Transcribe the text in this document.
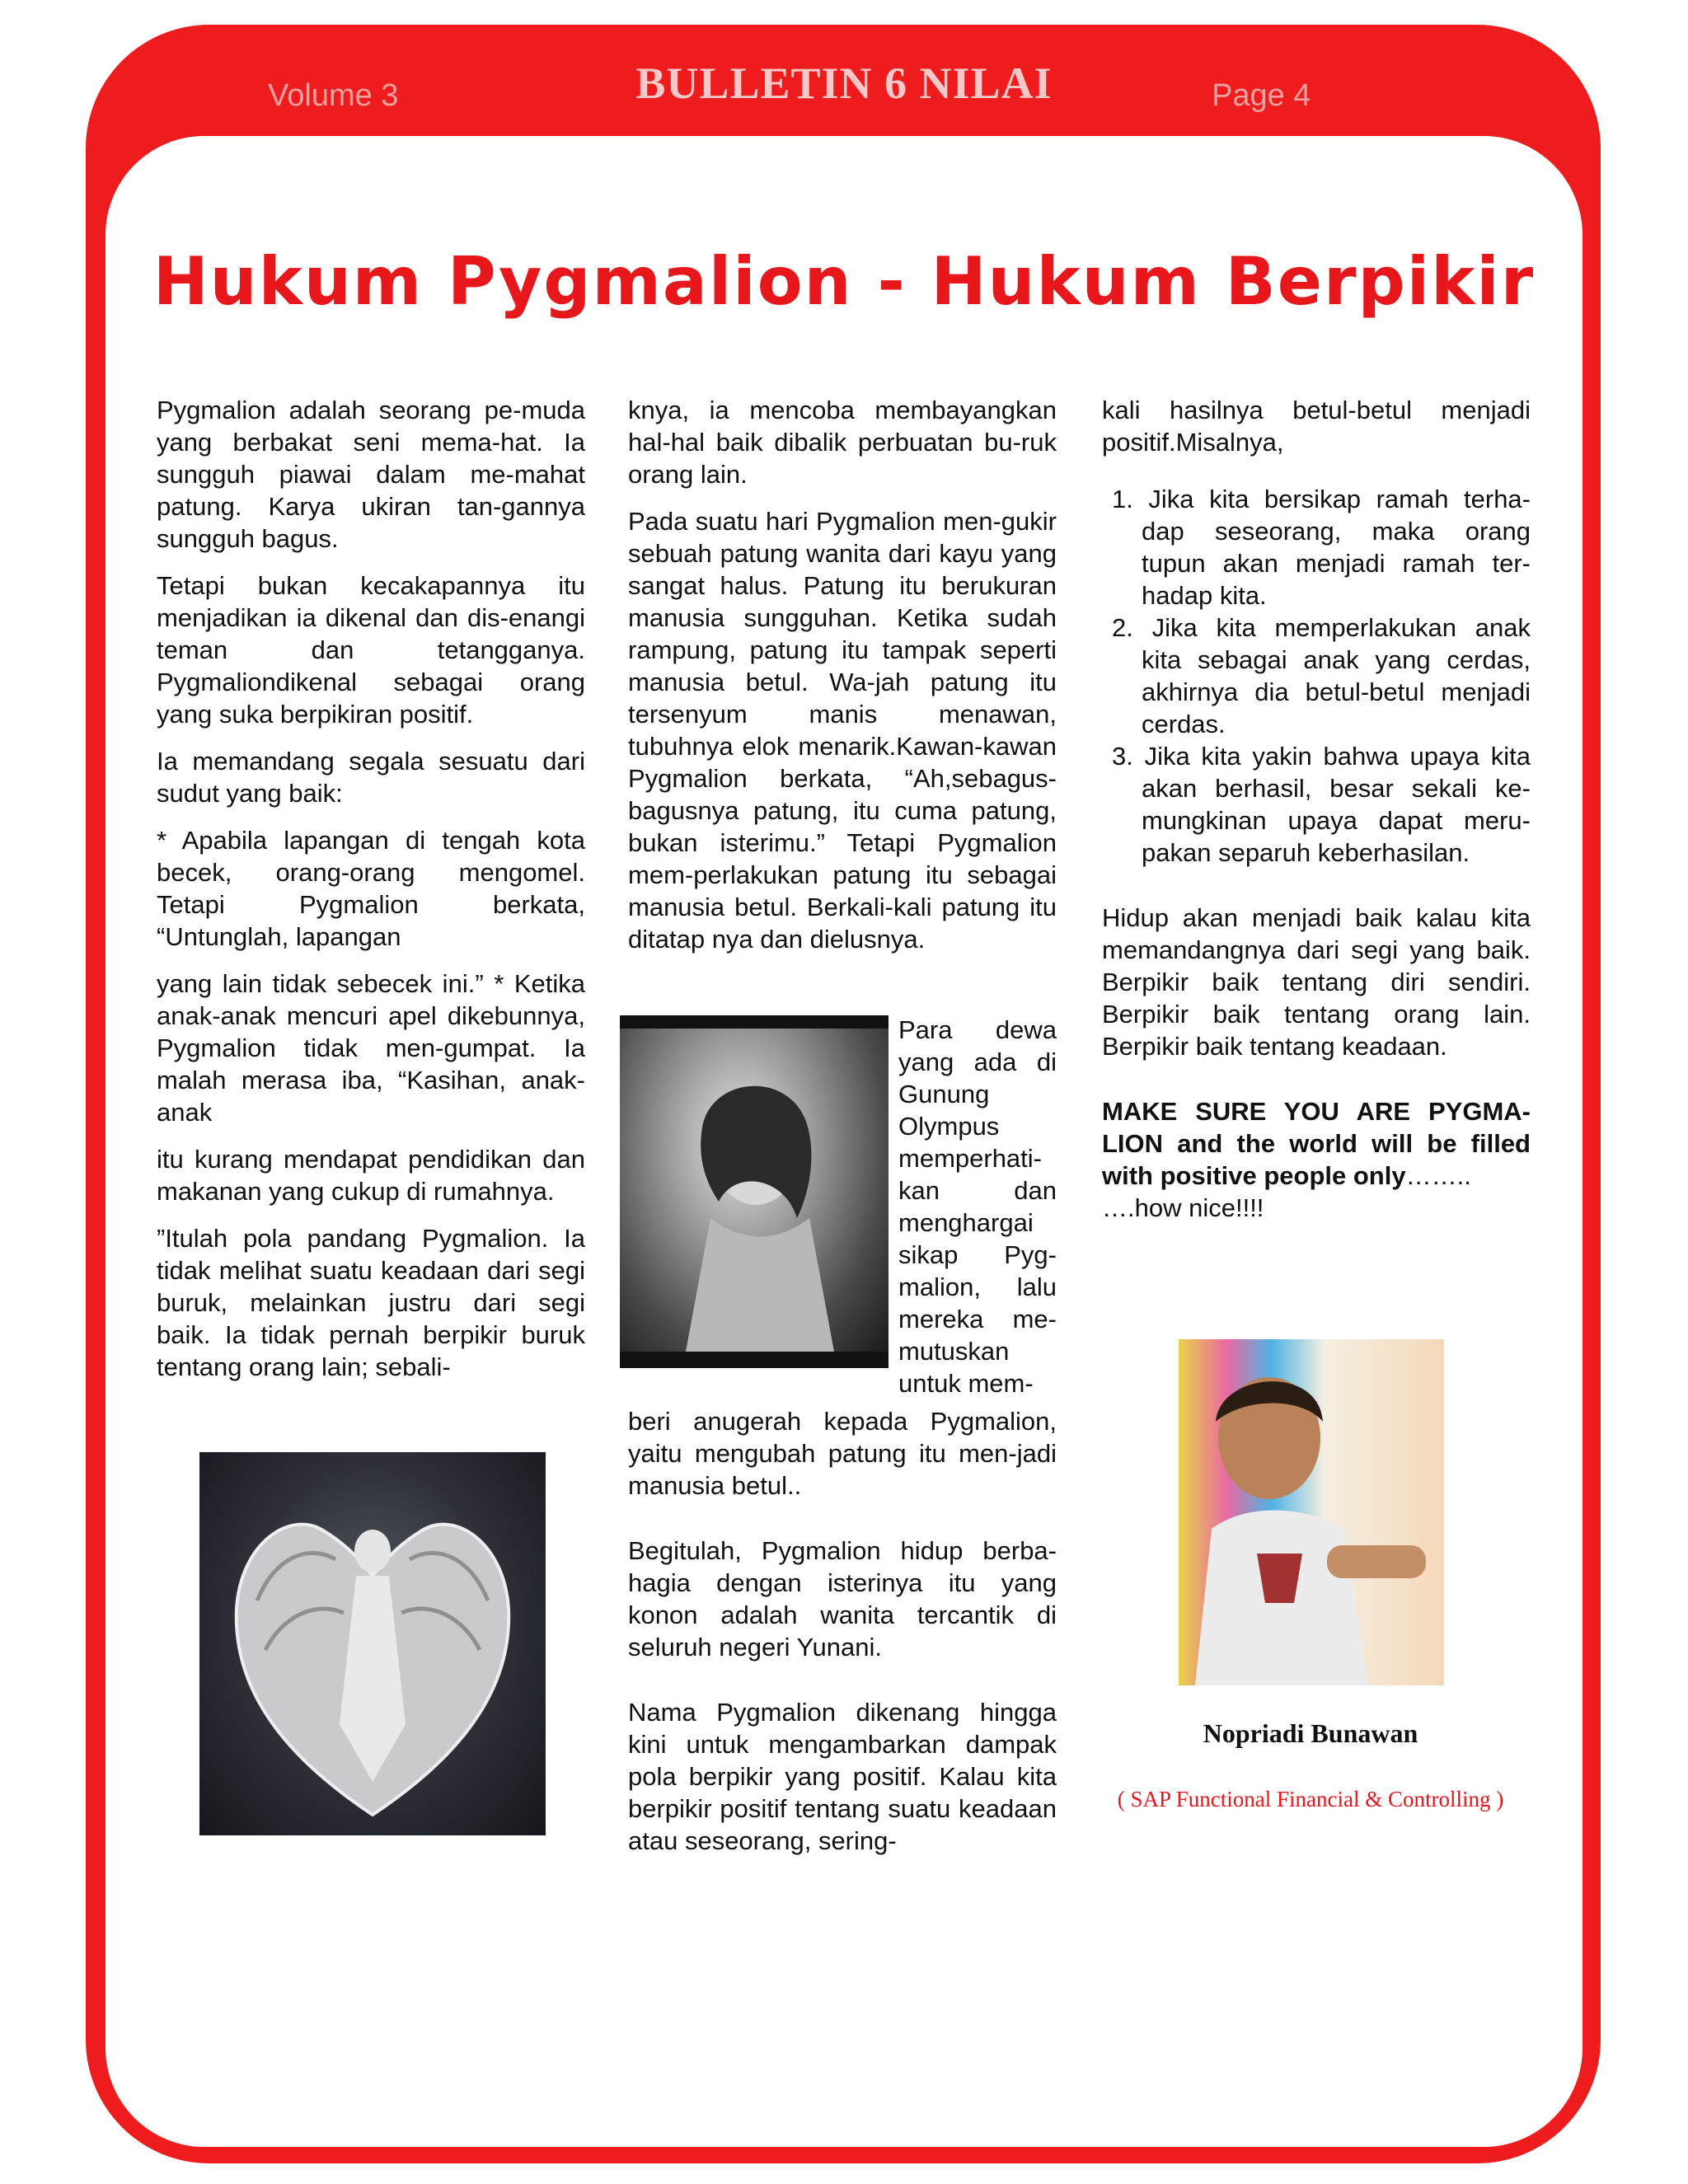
Volume 3	BULLETIN 6 NILAI	Page 4
Hukum Pygmalion - Hukum Berpikir

Pygmalion adalah seorang pe-muda yang berbakat seni mema-hat. Ia sungguh piawai dalam me-mahat patung. Karya ukiran tan-gannya sungguh bagus.

Tetapi bukan kecakapannya itu menjadikan ia dikenal dan dis-enangi teman dan tetangganya. Pygmaliondikenal sebagai orang yang suka berpikiran positif.

Ia memandang segala sesuatu dari sudut yang baik:

* Apabila lapangan di tengah kota becek, orang-orang mengomel. Tetapi Pygmalion berkata, “Untunglah, lapangan

yang lain tidak sebecek ini.” * Ketika anak-anak mencuri apel dikebunnya, Pygmalion tidak men-gumpat. Ia malah merasa iba, “Kasihan, anak-anak

itu kurang mendapat pendidikan dan makanan yang cukup di rumahnya.

”Itulah pola pandang Pygmalion. Ia tidak melihat suatu keadaan dari segi buruk, melainkan justru dari segi baik. Ia tidak pernah berpikir buruk tentang orang lain; sebali-

knya, ia mencoba membayangkan hal-hal baik dibalik perbuatan bu-ruk orang lain.

Pada suatu hari Pygmalion men-gukir sebuah patung wanita dari kayu yang sangat halus. Patung itu berukuran manusia sungguhan. Ketika sudah rampung, patung itu tampak seperti manusia betul. Wa-jah patung itu tersenyum manis menawan, tubuhnya elok menarik.Kawan-kawan Pygmalion berkata, “Ah,sebagus- bagusnya patung, itu cuma patung, bukan isterimu.” Tetapi Pygmalion mem-perlakukan patung itu sebagai manusia betul. Berkali-kali patung itu ditatap nya dan dielusnya.

Para dewa yang ada di Gunung Olympus memperhati-kan dan menghargai sikap Pyg-malion, lalu mereka me-mutuskan untuk mem-

beri anugerah kepada Pygmalion, yaitu mengubah patung itu men-jadi manusia betul..

Begitulah, Pygmalion hidup berba-hagia dengan isterinya itu yang konon adalah wanita tercantik di seluruh negeri Yunani.

Nama Pygmalion dikenang hingga kini untuk mengambarkan dampak pola berpikir yang positif. Kalau kita berpikir positif tentang suatu keadaan atau seseorang, sering-

kali hasilnya betul-betul menjadi positif.Misalnya,

1. Jika kita bersikap ramah terha-dap seseorang, maka orang tupun akan menjadi ramah ter-hadap kita.
2. Jika kita memperlakukan anak kita sebagai anak yang cerdas, akhirnya dia betul-betul menjadi cerdas.
3. Jika kita yakin bahwa upaya kita akan berhasil, besar sekali ke-mungkinan upaya dapat meru-pakan separuh keberhasilan.

Hidup akan menjadi baik kalau kita memandangnya dari segi yang baik. Berpikir baik tentang diri sendiri. Berpikir baik tentang orang lain. Berpikir baik tentang keadaan.

MAKE SURE YOU ARE PYGMA-LION and the world will be filled with positive people only……..
….how nice!!!!

Nopriadi Bunawan
( SAP Functional Financial & Controlling )
